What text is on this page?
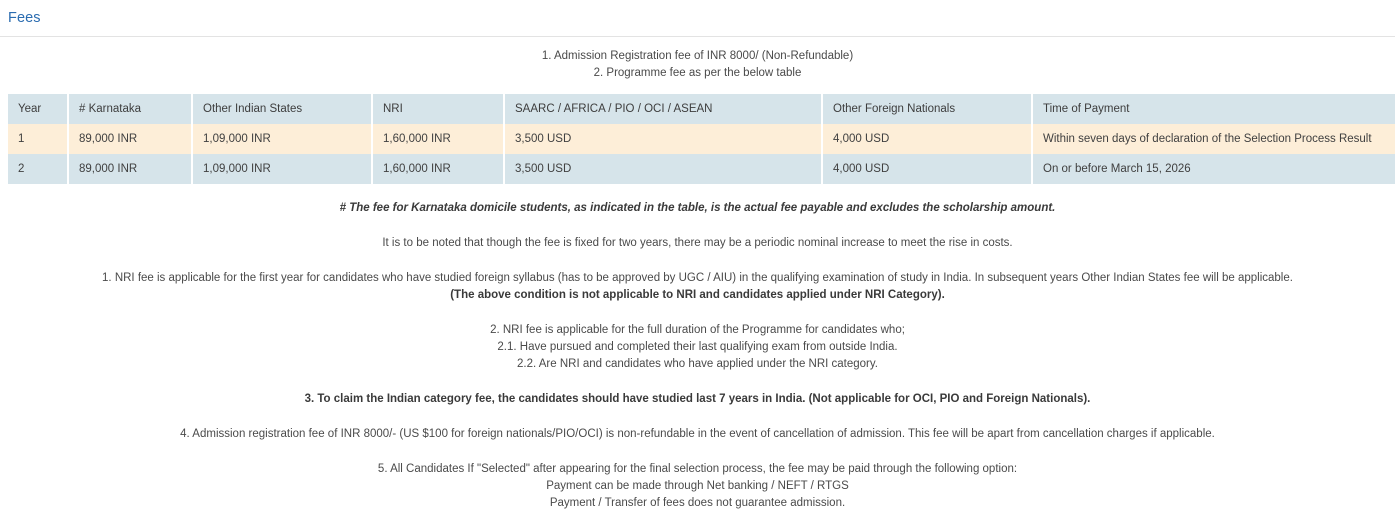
Fees
1. Admission Registration fee of INR 8000/ (Non-Refundable)
2. Programme fee as per the below table
Year	# Karnataka	Other Indian States	NRI	SAARC / AFRICA / PIO / OCI / ASEAN	Other Foreign Nationals	Time of Payment
1	89,000 INR	1,09,000 INR	1,60,000 INR	3,500 USD	4,000 USD	Within seven days of declaration of the Selection Process Result
2	89,000 INR	1,09,000 INR	1,60,000 INR	3,500 USD	4,000 USD	On or before March 15, 2026
# The fee for Karnataka domicile students, as indicated in the table, is the actual fee payable and excludes the scholarship amount.
It is to be noted that though the fee is fixed for two years, there may be a periodic nominal increase to meet the rise in costs.
1. NRI fee is applicable for the first year for candidates who have studied foreign syllabus (has to be approved by UGC / AIU) in the qualifying examination of study in India. In subsequent years Other Indian States fee will be applicable.
(The above condition is not applicable to NRI and candidates applied under NRI Category).
2. NRI fee is applicable for the full duration of the Programme for candidates who;
2.1. Have pursued and completed their last qualifying exam from outside India.
2.2. Are NRI and candidates who have applied under the NRI category.
3. To claim the Indian category fee, the candidates should have studied last 7 years in India. (Not applicable for OCI, PIO and Foreign Nationals).
4. Admission registration fee of INR 8000/- (US $100 for foreign nationals/PIO/OCI) is non-refundable in the event of cancellation of admission. This fee will be apart from cancellation charges if applicable.
5. All Candidates If "Selected" after appearing for the final selection process, the fee may be paid through the following option:
Payment can be made through Net banking / NEFT / RTGS
Payment / Transfer of fees does not guarantee admission.
